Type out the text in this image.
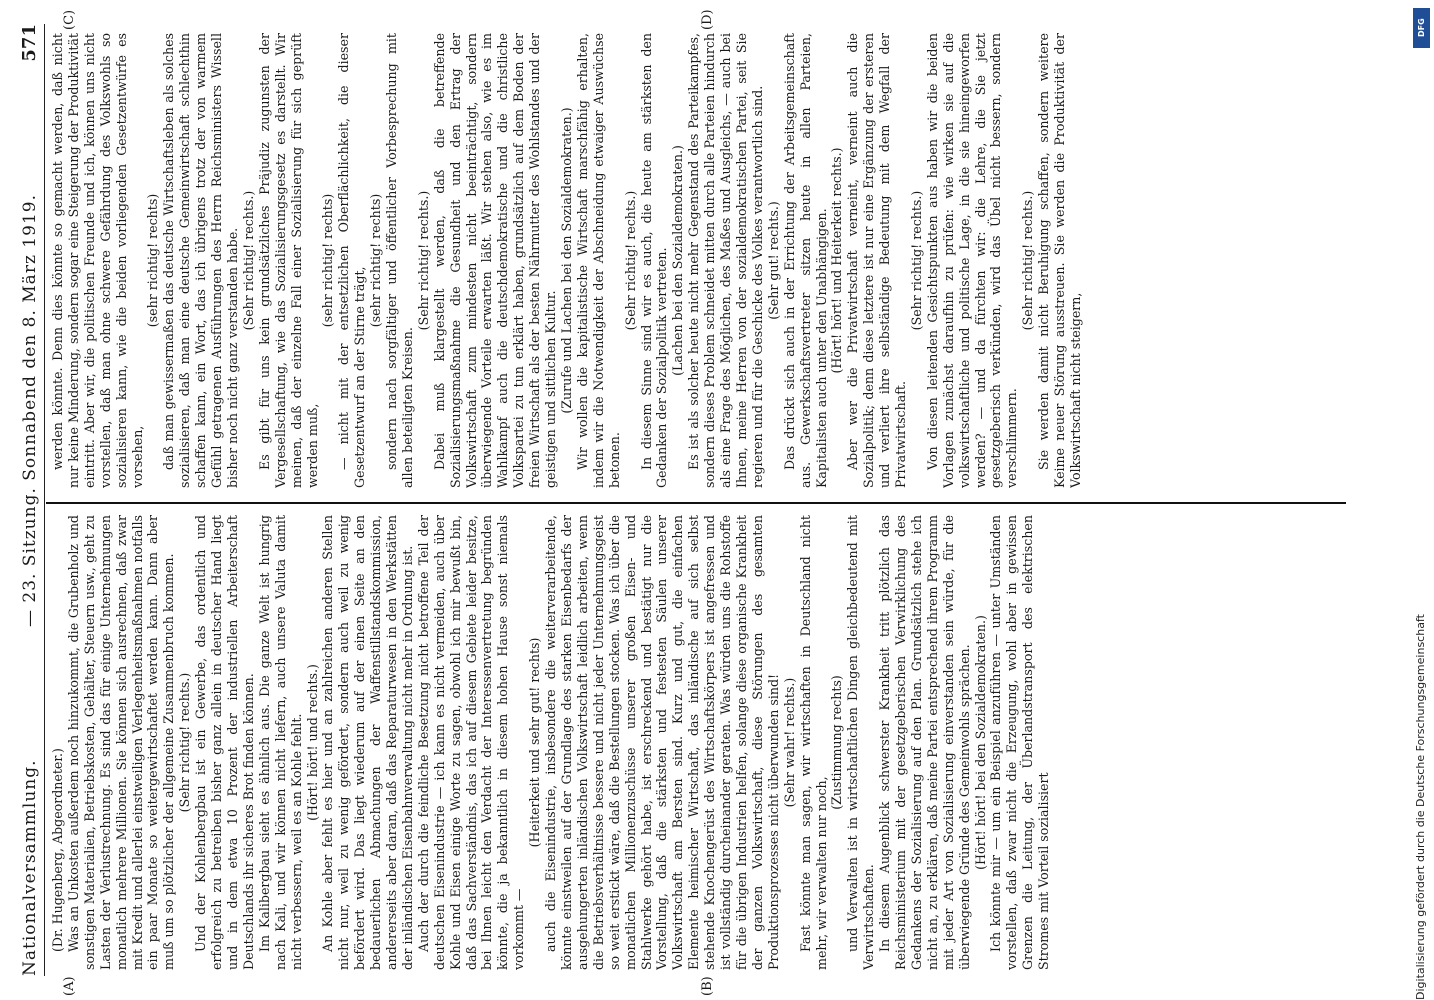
Nationalversammlung.
— 23. Sitzung. Sonnabend den 8. März 1919.
571
(A)	(B)
(C)	(D)

(Dr. Hugenberg, Abgeordneter.) Was an Unkosten außerdem noch hinzukommt, die Grubenholz und sonstigen Materialien, Betriebskosten, Gehälter, Steuern usw., geht zu Lasten der Verlustrechnung. Es sind das für einige Unternehmungen monatlich mehrere Millionen. Sie können sich ausrechnen, daß zwar mit Kredit und allerlei einstweiligen Verlegenheitsmaßnahmen notfalls ein paar Monate so weitergewirtschaftet werden kann. Dann aber muß um so plötzlicher der allgemeine Zusammenbruch kommen. (Sehr richtig! rechts.) Und der Kohlenbergbau ist ein Gewerbe, das ordentlich und erfolgreich zu betreiben bisher ganz allein in deutscher Hand liegt und in dem etwa 10 Prozent der industriellen Arbeiterschaft Deutschlands ihr sicheres Brot finden können. Im Kalibergbau sieht es ähnlich aus. Die ganze Welt ist hungrig nach Kali, und wir können nicht liefern, auch unsere Valuta damit nicht verbessern, weil es an Kohle fehlt. (Hört! hört! und rechts.) An Kohle aber fehlt es hier und an zahlreichen anderen Stellen nicht nur, weil zu wenig gefördert, sondern auch weil zu wenig befördert wird. Das liegt wiederum auf der einen Seite an den bedauerlichen Abmachungen der Waffenstillstandskommission, andererseits aber daran, daß das Reparaturwesen in den Werkstätten der inländischen Eisenbahnverwaltung nicht mehr in Ordnung ist. Auch der durch die feindliche Besetzung nicht betroffene Teil der deutschen Eisenindustrie — ich kann es nicht vermeiden, auch über Kohle und Eisen einige Worte zu sagen, obwohl ich mir bewußt bin, daß das Sachverständnis, das ich auf diesem Gebiete leider besitze, bei Ihnen leicht den Verdacht der Interessenvertretung begründen könnte, die ja bekanntlich in diesem hohen Hause sonst niemals vorkommt —

(Heiterkeit und sehr gut! rechts) auch die Eisenindustrie, insbesondere die weiterverarbeitende, könnte einstweilen auf der Grundlage des starken Eisenbedarfs der ausgehungerten inländischen Volkswirtschaft leidlich arbeiten, wenn die Betriebsverhältnisse bessere und nicht jeder Unternehmungsgeist so weit erstickt wäre, daß die Bestellungen stocken. Was ich über die monatlichen Millionenzuschüsse unserer großen Eisen- und Stahlwerke gehört habe, ist erschreckend und bestätigt nur die Vorstellung, daß die stärksten und festesten Säulen unserer Volkswirtschaft am Bersten sind. Kurz und gut, die einfachen Elemente heimischer Wirtschaft, das inländische auf sich selbst stehende Knochengerüst des Wirtschaftskörpers ist angefressen und ist vollständig durcheinander geraten. Was würden uns die Rohstoffe für die übrigen Industrien helfen, solange diese organische Krankheit der ganzen Volkswirtschaft, diese Störungen des gesamten Produktionsprozesses nicht überwunden sind! (Sehr wahr! rechts.) Fast könnte man sagen, wir wirtschaften in Deutschland nicht mehr, wir verwalten nur noch,

(Zustimmung rechts) und Verwalten ist in wirtschaftlichen Dingen gleichbedeutend mit Verwirtschaften. In diesem Augenblick schwerster Krankheit tritt plötzlich das Reichsministerium mit der gesetzgeberischen Verwirklichung des Gedankens der Sozialisierung auf den Plan. Grundsätzlich stehe ich nicht an, zu erklären, daß meine Partei entsprechend ihrem Programm mit jeder Art von Sozialisierung einverstanden sein würde, für die überwiegende Gründe des Gemeinwohls sprächen. (Hört! hört! bei den Sozialdemokraten.) Ich könnte mir — um ein Beispiel anzuführen — unter Umständen vorstellen, daß zwar nicht die Erzeugung, wohl aber in gewissen Grenzen die Leitung, der Überlandstransport des elektrischen Stromes mit Vorteil sozialisiert

werden könnte. Denn dies könnte so gemacht werden, daß nicht nur keine Minderung, sondern sogar eine Steigerung der Produktivität eintritt. Aber wir, die politischen Freunde und ich, können uns nicht vorstellen, daß man ohne schwere Gefährdung des Volkswohls so sozialisieren kann, wie die beiden vorliegenden Gesetzentwürfe es vorsehen,

(sehr richtig! rechts) daß man gewissermaßen das deutsche Wirtschaftsleben als solches sozialisieren, daß man eine deutsche Gemeinwirtschaft schlechthin schaffen kann, ein Wort, das ich übrigens trotz der von warmem Gefühl getragenen Ausführungen des Herrn Reichsministers Wissell bisher noch nicht ganz verstanden habe. (Sehr richtig! rechts.) Es gibt für uns kein grundsätzliches Präjudiz zugunsten der Vergesellschaftung, wie das Sozialisierungsgesetz es darstellt. Wir meinen, daß der einzelne Fall einer Sozialisierung für sich geprüft werden muß,

(sehr richtig! rechts) — nicht mit der entsetzlichen Oberflächlichkeit, die dieser Gesetzentwurf an der Stirne trägt,

(sehr richtig! rechts) sondern nach sorgfältiger und öffentlicher Vorbesprechung mit allen beteiligten Kreisen.

(Sehr richtig! rechts.) Dabei muß klargestellt werden, daß die betreffende Sozialisierungsmaßnahme die Gesundheit und den Ertrag der Volkswirtschaft zum mindesten nicht beeinträchtigt, sondern überwiegende Vorteile erwarten läßt. Wir stehen also, wie es im Wahlkampf auch die deutschdemokratische und die christliche Volkspartei zu tun erklärt haben, grundsätzlich auf dem Boden der freien Wirtschaft als der besten Nährmutter des Wohlstandes und der geistigen und sittlichen Kultur. (Zurufe und Lachen bei den Sozialdemokraten.) Wir wollen die kapitalistische Wirtschaft marschfähig erhalten, indem wir die Notwendigkeit der Abschneidung etwaiger Auswüchse betonen.

(Sehr richtig! rechts.) In diesem Sinne sind wir es auch, die heute am stärksten den Gedanken der Sozialpolitik vertreten. (Lachen bei den Sozialdemokraten.) Es ist als solcher heute nicht mehr Gegenstand des Parteikampfes, sondern dieses Problem schneidet mitten durch alle Parteien hindurch als eine Frage des Möglichen, des Maßes und Ausgleichs, — auch bei Ihnen, meine Herren von der sozialdemokratischen Partei, seit Sie regieren und für die Geschicke des Volkes verantwortlich sind. (Sehr gut! rechts.) Das drückt sich auch in der Errichtung der Arbeitsgemeinschaft aus. Gewerkschaftsvertreter sitzen heute in allen Parteien, Kapitalisten auch unter den Unabhängigen. (Hört! hört! und Heiterkeit rechts.) Aber wer die Privatwirtschaft verneint, verneint auch die Sozialpolitik; denn diese letztere ist nur eine Ergänzung der ersteren und verliert ihre selbständige Bedeutung mit dem Wegfall der Privatwirtschaft.

(Sehr richtig! rechts.) Von diesen leitenden Gesichtspunkten aus haben wir die beiden Vorlagen zunächst daraufhin zu prüfen: wie wirken sie auf die volkswirtschaftliche und politische Lage, in die sie hineingeworfen werden? — und da fürchten wir: die Lehre, die Sie jetzt gesetzgeberisch verkünden, wird das Übel nicht bessern, sondern verschlimmern.

(Sehr richtig! rechts.) Sie werden damit nicht Beruhigung schaffen, sondern weitere Keime neuer Störung ausstreuen. Sie werden die Produktivität der Volkswirtschaft nicht steigern,

DFG
Digitalisierung gefördert durch die Deutsche Forschungsgemeinschaft
